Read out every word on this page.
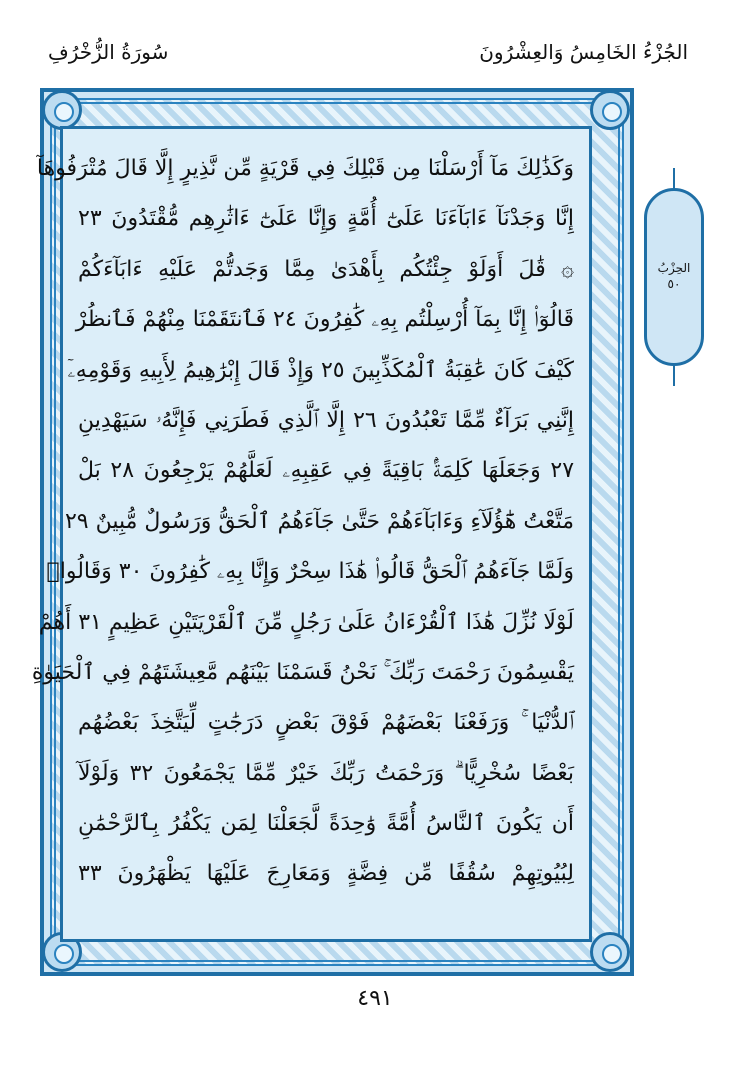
سُورَةُ الزُّخْرُفِ	الجُزْءُ الخَامِسُ وَالعِشْرُونَ
وَكَذَٰلِكَ مَآ أَرْسَلْنَا مِن قَبْلِكَ فِي قَرْيَةٍ مِّن نَّذِيرٍ إِلَّا قَالَ مُتْرَفُوهَآ
إِنَّا وَجَدْنَآ ءَابَآءَنَا عَلَىٰٓ أُمَّةٍ وَإِنَّا عَلَىٰٓ ءَاثَٰرِهِم مُّقْتَدُونَ ٢٣
۞ قَٰلَ أَوَلَوْ جِئْتُكُم بِأَهْدَىٰ مِمَّا وَجَدتُّمْ عَلَيْهِ ءَابَآءَكُمْ
قَالُوٓا۟ إِنَّا بِمَآ أُرْسِلْتُم بِهِۦ كَٰفِرُونَ ٢٤ فَٱنتَقَمْنَا مِنْهُمْ فَٱنظُرْ
كَيْفَ كَانَ عَٰقِبَةُ ٱلْمُكَذِّبِينَ ٢٥ وَإِذْ قَالَ إِبْرَٰهِيمُ لِأَبِيهِ وَقَوْمِهِۦٓ
إِنَّنِي بَرَآءٌ مِّمَّا تَعْبُدُونَ ٢٦ إِلَّا ٱلَّذِي فَطَرَنِي فَإِنَّهُۥ سَيَهْدِينِ
٢٧ وَجَعَلَهَا كَلِمَةًۢ بَاقِيَةً فِي عَقِبِهِۦ لَعَلَّهُمْ يَرْجِعُونَ ٢٨ بَلْ
مَتَّعْتُ هَٰٓؤُلَآءِ وَءَابَآءَهُمْ حَتَّىٰ جَآءَهُمُ ٱلْحَقُّ وَرَسُولٌ مُّبِينٌ ٢٩
وَلَمَّا جَآءَهُمُ ٱلْحَقُّ قَالُوا۟ هَٰذَا سِحْرٌ وَإِنَّا بِهِۦ كَٰفِرُونَ ٣٠ وَقَالُوا۟
لَوْلَا نُزِّلَ هَٰذَا ٱلْقُرْءَانُ عَلَىٰ رَجُلٍ مِّنَ ٱلْقَرْيَتَيْنِ عَظِيمٍ ٣١ أَهُمْ
يَقْسِمُونَ رَحْمَتَ رَبِّكَ ۚ نَحْنُ قَسَمْنَا بَيْنَهُم مَّعِيشَتَهُمْ فِي ٱلْحَيَوٰةِ
ٱلدُّنْيَا ۚ وَرَفَعْنَا بَعْضَهُمْ فَوْقَ بَعْضٍ دَرَجَٰتٍ لِّيَتَّخِذَ بَعْضُهُم
بَعْضًا سُخْرِيًّا ۗ وَرَحْمَتُ رَبِّكَ خَيْرٌ مِّمَّا يَجْمَعُونَ ٣٢ وَلَوْلَآ
أَن يَكُونَ ٱلنَّاسُ أُمَّةً وَٰحِدَةً لَّجَعَلْنَا لِمَن يَكْفُرُ بِٱلرَّحْمَٰنِ
لِبُيُوتِهِمْ سُقُفًا مِّن فِضَّةٍ وَمَعَارِجَ عَلَيْهَا يَظْهَرُونَ ٣٣
الحِزْبُ
٥٠
٤٩١
